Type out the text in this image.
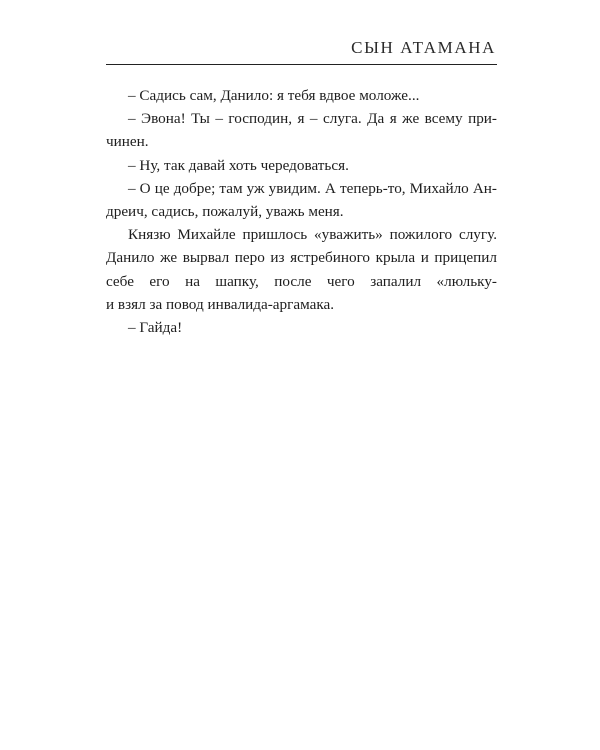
СЫН АТАМАНА
– Садись сам, Данило: я тебя вдвое моложе...
– Эвона! Ты – господин, я – слуга. Да я же всему при-
чинен.
– Ну, так давай хоть чередоваться.
– О це добре; там уж увидим. А теперь-то, Михайло Ан-
дреич, садись, пожалуй, уважь меня.
Князю Михайле пришлось «уважить» пожилого слугу.
Данило же вырвал перо из ястребиного крыла и прицепил
себе его на шапку, после чего запалил «люльку-
и взял за повод инвалида-аргамака.
– Гайда!
